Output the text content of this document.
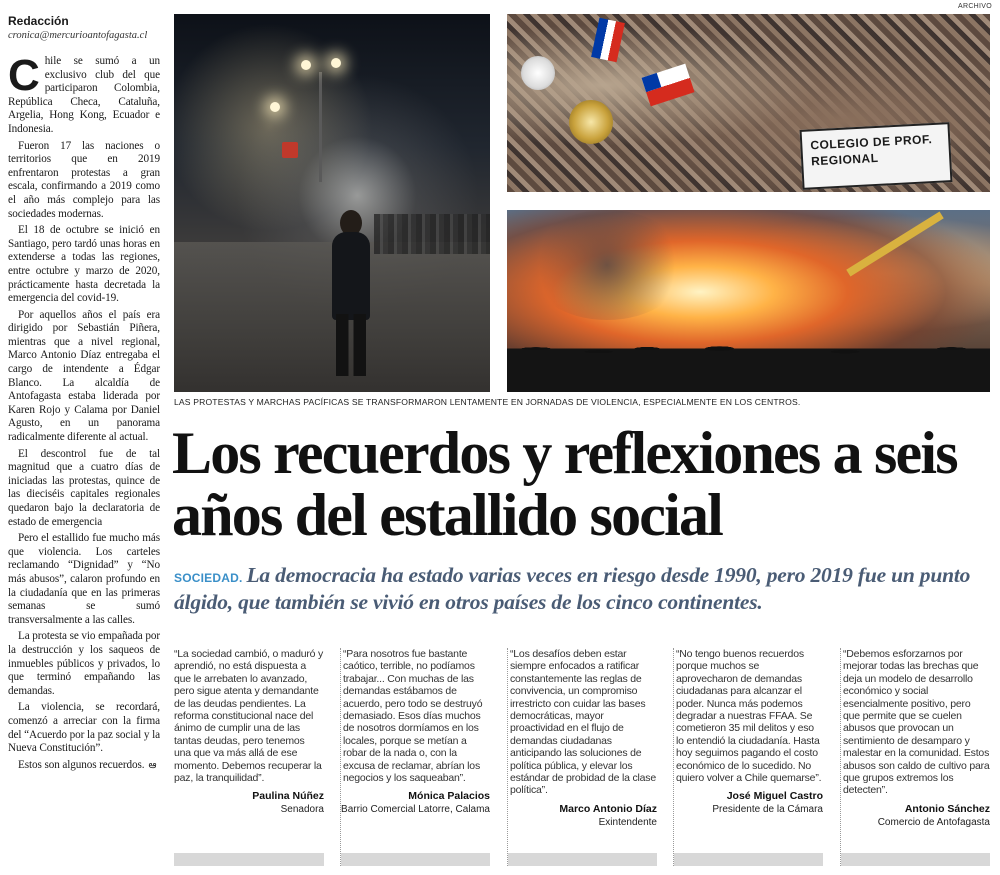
Redacción
cronica@mercurioantofagasta.cl

Chile se sumó a un exclusivo club del que participaron Colombia, República Checa, Cataluña, Argelia, Hong Kong, Ecuador e Indonesia.

Fueron 17 las naciones o territorios que en 2019 enfrentaron protestas a gran escala, confirmando a 2019 como el año más complejo para las sociedades modernas.

El 18 de octubre se inició en Santiago, pero tardó unas horas en extenderse a todas las regiones, entre octubre y marzo de 2020, prácticamente hasta decretada la emergencia del covid-19.

Por aquellos años el país era dirigido por Sebastián Piñera, mientras que a nivel regional, Marco Antonio Díaz entregaba el cargo de intendente a Édgar Blanco. La alcaldía de Antofagasta estaba liderada por Karen Rojo y Calama por Daniel Agusto, en un panorama radicalmente diferente al actual.

El descontrol fue de tal magnitud que a cuatro días de iniciadas las protestas, quince de las dieciséis capitales regionales quedaron bajo la declaratoria de estado de emergencia

Pero el estallido fue mucho más que violencia. Los carteles reclamando “Dignidad” y “No más abusos”, calaron profundo en la ciudadanía que en las primeras semanas se sumó transversalmente a las calles.

La protesta se vio empañada por la destrucción y los saqueos de inmuebles públicos y privados, lo que terminó empañando las demandas.

La violencia, se recordará, comenzó a arreciar con la firma del “Acuerdo por la paz social y la Nueva Constitución”.

Estos son algunos recuerdos. ఆ

ARCHIVO
COLEGIO DE PROF. REGIONAL
LAS PROTESTAS Y MARCHAS PACÍFICAS SE TRANSFORMARON LENTAMENTE EN JORNADAS DE VIOLENCIA, ESPECIALMENTE EN LOS CENTROS.
Los recuerdos y reflexiones a seis años del estallido social
SOCIEDAD. La democracia ha estado varias veces en riesgo desde 1990, pero 2019 fue un punto álgido, que también se vivió en otros países de los cinco continentes.
“La sociedad cambió, o maduró y aprendió, no está dispuesta a que le arrebaten lo avanzado, pero sigue atenta y demandante de las deudas pendientes. La reforma constitucional nace del ánimo de cumplir una de las tantas deudas, pero tenemos una que va más allá de ese momento. Debemos recuperar la paz, la tranquilidad”.
Paulina Núñez
Senadora
“Para nosotros fue bastante caótico, terrible, no podíamos trabajar... Con muchas de las demandas estábamos de acuerdo, pero todo se destruyó demasiado. Esos días muchos de nosotros dormíamos en los locales, porque se metían a robar de la nada o, con la excusa de reclamar, abrían los negocios y los saqueaban”.
Mónica Palacios
Barrio Comercial Latorre, Calama
“Los desafíos deben estar siempre enfocados a ratificar constantemente las reglas de convivencia, un compromiso irrestricto con cuidar las bases democráticas, mayor proactividad en el flujo de demandas ciudadanas anticipando las soluciones de política pública, y elevar los estándar de probidad de la clase política”.
Marco Antonio Díaz
Exintendente
“No tengo buenos recuerdos porque muchos se aprovecharon de demandas ciudadanas para alcanzar el poder. Nunca más podemos degradar a nuestras FFAA. Se cometieron 35 mil delitos y eso lo entendió la ciudadanía. Hasta hoy seguimos pagando el costo económico de lo sucedido. No quiero volver a Chile quemarse”.
José Miguel Castro
Presidente de la Cámara
“Debemos esforzarnos por mejorar todas las brechas que deja un modelo de desarrollo económico y social esencialmente positivo, pero que permite que se cuelen abusos que provocan un sentimiento de desamparo y malestar en la comunidad. Estos abusos son caldo de cultivo para que grupos extremos los detecten”.
Antonio Sánchez
Comercio de Antofagasta
